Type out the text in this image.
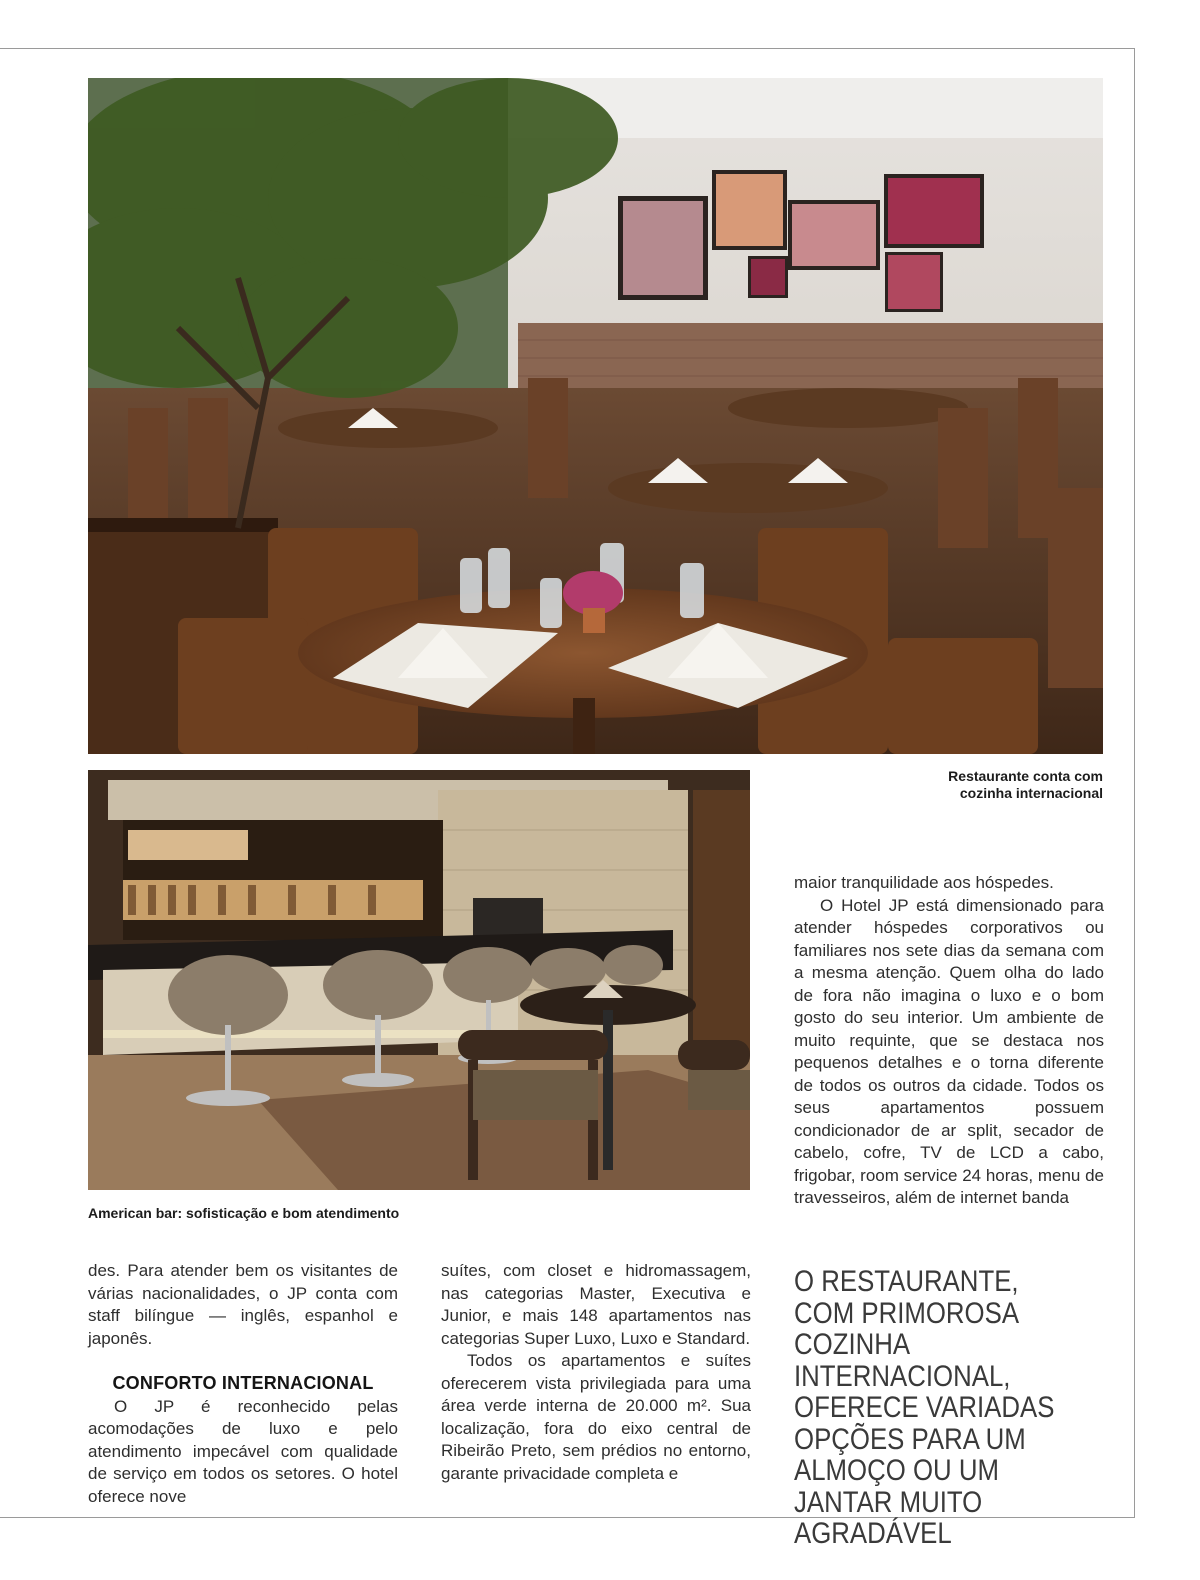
Restaurante conta com cozinha internacional
American bar: sofisticação e bom atendimento

maior tranquilidade aos hóspedes.

O Hotel JP está dimensionado para atender hóspedes corporativos ou familiares nos sete dias da semana com a mesma atenção. Quem olha do lado de fora não imagina o luxo e o bom gosto do seu interior. Um ambiente de muito requinte, que se destaca nos pequenos detalhes e o torna diferente de todos os outros da cidade. Todos os seus apartamentos possuem condicionador de ar split, secador de cabelo, cofre, TV de LCD a cabo, frigobar, room service 24 horas, menu de travesseiros, além de internet banda

des. Para atender bem os visitantes de várias nacionalidades, o JP conta com staff bilíngue — inglês, espanhol e japonês.

CONFORTO INTERNACIONAL

O JP é reconhecido pelas acomodações de luxo e pelo atendimento impecável com qualidade de serviço em todos os setores. O hotel oferece nove

suítes, com closet e hidromassagem, nas categorias Master, Executiva e Junior, e mais 148 apartamentos nas categorias Super Luxo, Luxo e Standard.

Todos os apartamentos e suítes oferecerem vista privilegiada para uma área verde interna de 20.000 m². Sua localização, fora do eixo central de Ribeirão Preto, sem prédios no entorno, garante privacidade completa e

O RESTAURANTE, COM PRIMOROSA COZINHA INTERNACIONAL, OFERECE VARIADAS OPÇÕES PARA UM ALMOÇO OU UM JANTAR MUITO AGRADÁVEL
